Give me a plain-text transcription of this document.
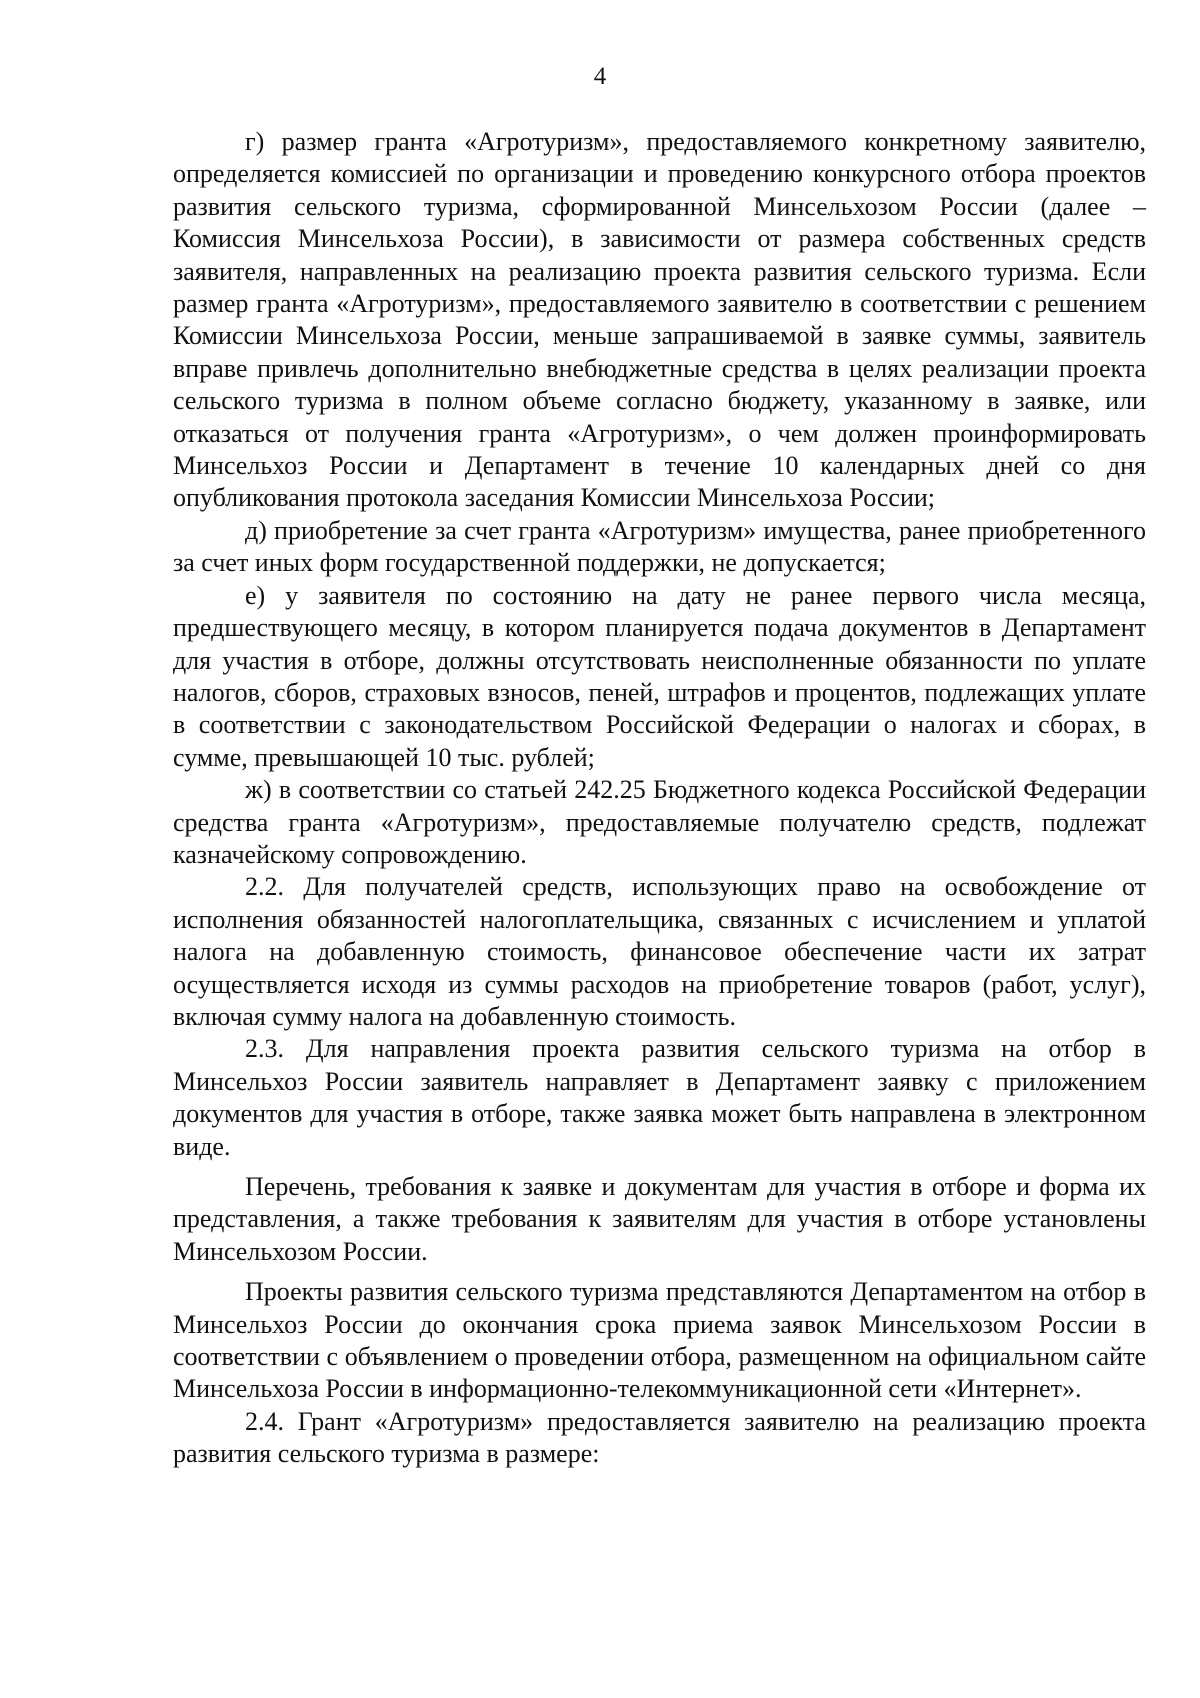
4

г) размер гранта «Агротуризм», предоставляемого конкретному заявителю, определяется комиссией по организации и проведению конкурсного отбора проектов развития сельского туризма, сформированной Минсельхозом России (далее – Комиссия Минсельхоза России), в зависимости от размера собственных средств заявителя, направленных на реализацию проекта развития сельского туризма. Если размер гранта «Агротуризм», предоставляемого заявителю в соответствии с решением Комиссии Минсельхоза России, меньше запрашиваемой в заявке суммы, заявитель вправе привлечь дополнительно внебюджетные средства в целях реализации проекта сельского туризма в полном объеме согласно бюджету, указанному в заявке, или отказаться от получения гранта «Агротуризм», о чем должен проинформировать Минсельхоз России и Департамент в течение 10 календарных дней со дня опубликования протокола заседания Комиссии Минсельхоза России;

д) приобретение за счет гранта «Агротуризм» имущества, ранее приобретенного за счет иных форм государственной поддержки, не допускается;

е) у заявителя по состоянию на дату не ранее первого числа месяца, предшествующего месяцу, в котором планируется подача документов в Департамент для участия в отборе, должны отсутствовать неисполненные обязанности по уплате налогов, сборов, страховых взносов, пеней, штрафов и процентов, подлежащих уплате в соответствии с законодательством Российской Федерации о налогах и сборах, в сумме, превышающей 10 тыс. рублей;

ж) в соответствии со статьей 242.25 Бюджетного кодекса Российской Федерации средства гранта «Агротуризм», предоставляемые получателю средств, подлежат казначейскому сопровождению.

2.2. Для получателей средств, использующих право на освобождение от исполнения обязанностей налогоплательщика, связанных с исчислением и уплатой налога на добавленную стоимость, финансовое обеспечение части их затрат осуществляется исходя из суммы расходов на приобретение товаров (работ, услуг), включая сумму налога на добавленную стоимость.

2.3. Для направления проекта развития сельского туризма на отбор в Минсельхоз России заявитель направляет в Департамент заявку с приложением документов для участия в отборе, также заявка может быть направлена в электронном виде.

Перечень, требования к заявке и документам для участия в отборе и форма их представления, а также требования к заявителям для участия в отборе установлены Минсельхозом России.

Проекты развития сельского туризма представляются Департаментом на отбор в Минсельхоз России до окончания срока приема заявок Минсельхозом России в соответствии с объявлением о проведении отбора, размещенном на официальном сайте Минсельхоза России в информационно-телекоммуникационной сети «Интернет».

2.4. Грант «Агротуризм» предоставляется заявителю на реализацию проекта развития сельского туризма в размере:
